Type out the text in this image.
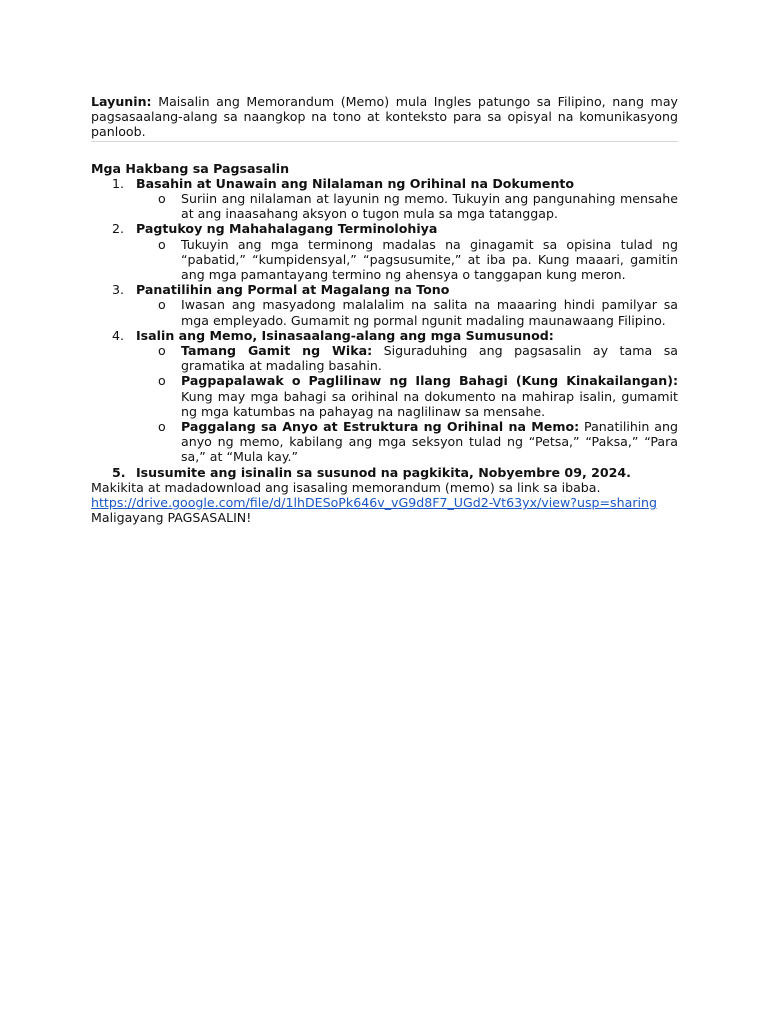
Layunin: Maisalin ang Memorandum (Memo) mula Ingles patungo sa Filipino, nang may pagsasaalang-alang sa naangkop na tono at konteksto para sa opisyal na komunikasyong panloob.

Mga Hakbang sa Pagsasalin
1. Basahin at Unawain ang Nilalaman ng Orihinal na Dokumento
o Suriin ang nilalaman at layunin ng memo. Tukuyin ang pangunahing mensahe at ang inaasahang aksyon o tugon mula sa mga tatanggap.
2. Pagtukoy ng Mahahalagang Terminolohiya
o Tukuyin ang mga terminong madalas na ginagamit sa opisina tulad ng “pabatid,” “kumpidensyal,” “pagsusumite,” at iba pa. Kung maaari, gamitin ang mga pamantayang termino ng ahensya o tanggapan kung meron.
3. Panatilihin ang Pormal at Magalang na Tono
o Iwasan ang masyadong malalalim na salita na maaaring hindi pamilyar sa mga empleyado. Gumamit ng pormal ngunit madaling maunawaang Filipino.
4. Isalin ang Memo, Isinasaalang-alang ang mga Sumusunod:
o Tamang Gamit ng Wika: Siguraduhing ang pagsasalin ay tama sa gramatika at madaling basahin.
o Pagpapalawak o Paglilinaw ng Ilang Bahagi (Kung Kinakailangan): Kung may mga bahagi sa orihinal na dokumento na mahirap isalin, gumamit ng mga katumbas na pahayag na naglilinaw sa mensahe.
o Paggalang sa Anyo at Estruktura ng Orihinal na Memo: Panatilihin ang anyo ng memo, kabilang ang mga seksyon tulad ng “Petsa,” “Paksa,” “Para sa,” at “Mula kay.”
5. Isusumite ang isinalin sa susunod na pagkikita, Nobyembre 09, 2024.

Makikita at madadownload ang isasaling memorandum (memo) sa link sa ibaba.

https://drive.google.com/file/d/1lhDESoPk646v_vG9d8F7_UGd2-Vt63yx/view?usp=sharing

Maligayang PAGSASALIN!
